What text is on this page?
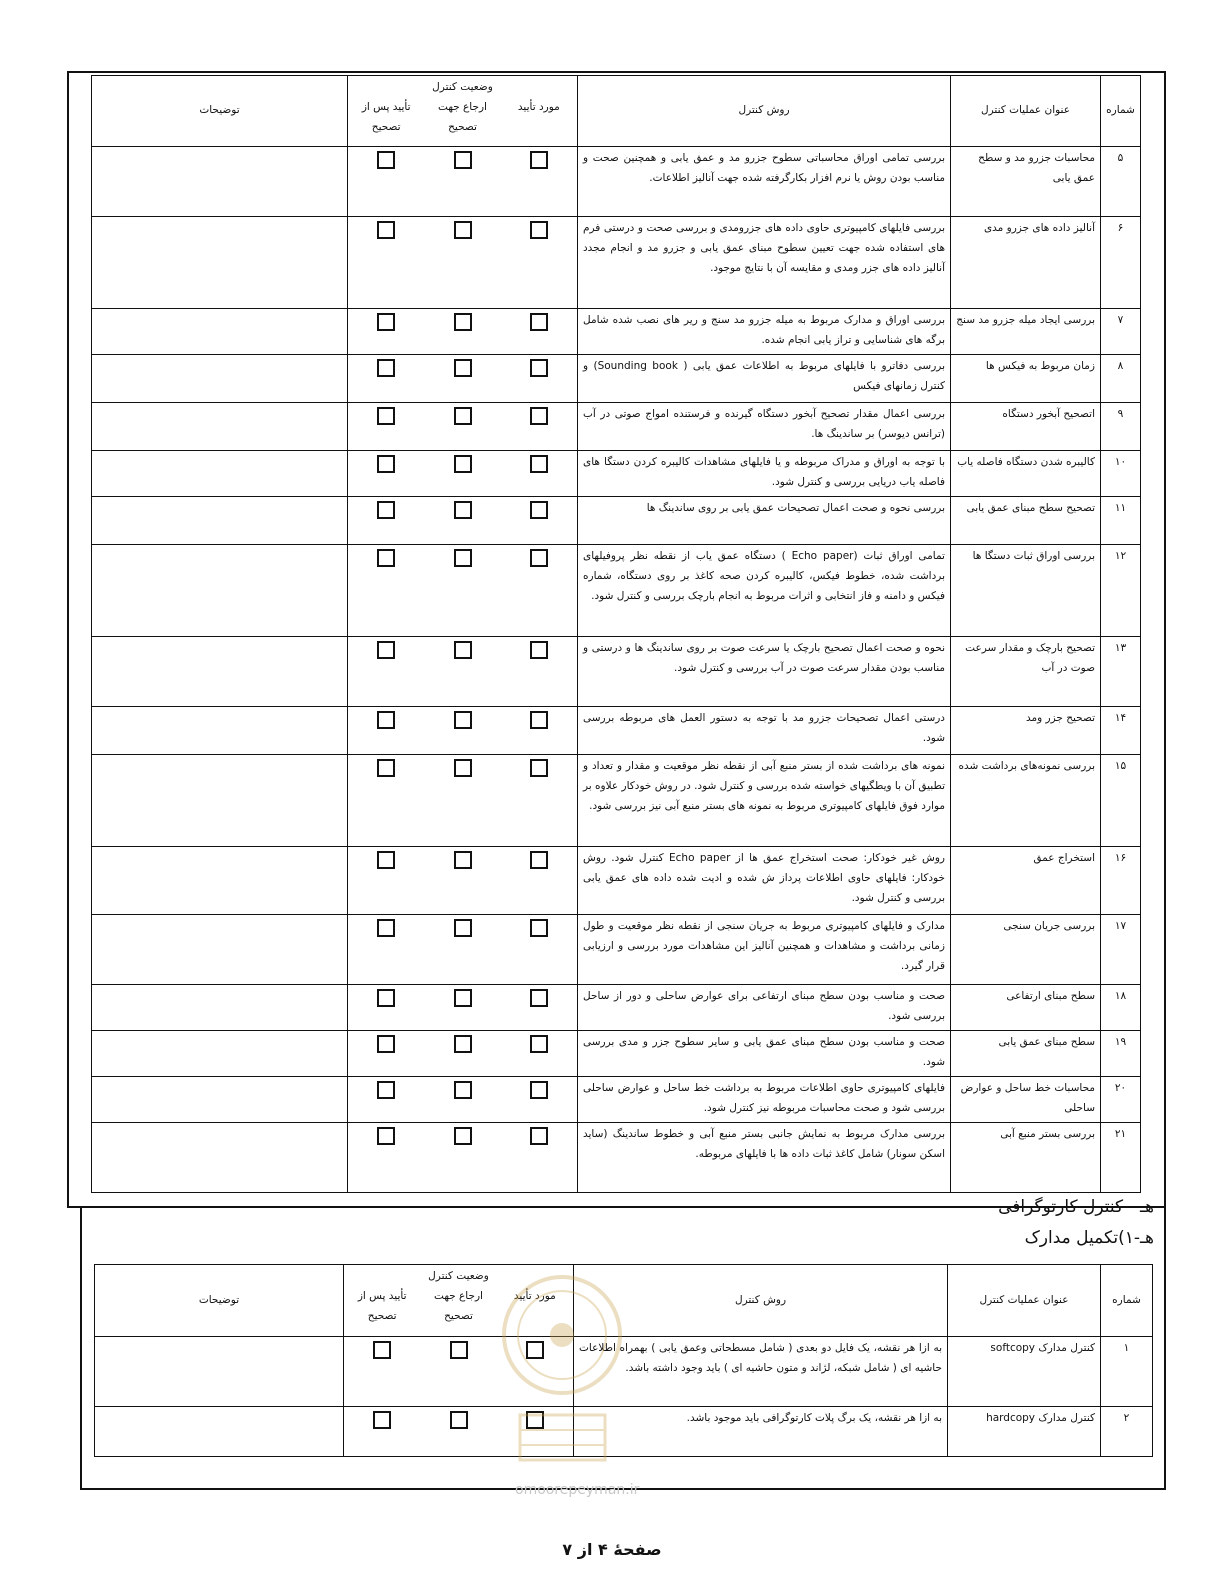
شماره	عنوان عملیات کنترل	روش کنترل	وضعیت کنترل
مورد تأیید
ارجاع جهت تصحیح
تأیید پس از تصحیح	توضیحات
۵	محاسبات جزرو مد و سطح عمق یابی	بررسی تمامی اوراق محاسباتی سطوح جزرو مد و عمق یابی و همچنین صحت و مناسب بودن روش یا نرم افزار بکارگرفته شده جهت آنالیز اطلاعات.	

۶	آنالیز داده های جزرو مدی	بررسی فایلهای کامپیوتری حاوی داده های جزرومدی و بررسی صحت و درستی فرم های استفاده شده جهت تعیین سطوح مبنای عمق یابی و جزرو مد و انجام مجدد آنالیز داده های جزر ومدی و مقایسه آن با نتایج موجود.	

۷	بررسی ایجاد میله جزرو مد سنج	بررسی اوراق و مدارک مربوط به میله جزرو مد سنج و ریر های نصب شده شامل برگه های شناسایی و تراز یابی انجام شده.	

۸	زمان مربوط به فیکس ها	بررسی دفاترو با فایلهای مربوط به اطلاعات عمق یابی ( Sounding book) و کنترل زمانهای فیکس	

۹	اتصحیح آبخور دستگاه	بررسی اعمال مقدار تصحیح آبخور دستگاه گیرنده و فرستنده امواج صوتی در آب (ترانس دیوسر) بر ساندینگ ها.	

۱۰	کالیبره شدن دستگاه فاصله یاب	با توجه به اوراق و مدراک مربوطه و یا فایلهای مشاهدات کالیبره کردن دستگا های فاصله یاب دریایی بررسی و کنترل شود.	

۱۱	تصحیح سطح مبنای عمق یابی	بررسی نحوه و صحت اعمال تصحیحات عمق یابی بر روی ساندینگ ها	

۱۲	بررسی اوراق ثبات دستگا ها	تمامی اوراق ثبات (Echo paper ) دستگاه عمق یاب از نقطه نظر پروفیلهای برداشت شده، خطوط فیکس، کالیبره کردن صحه کاغذ بر روی دستگاه، شماره فیکس و دامنه و فاز انتخابی و اثرات مربوط به انجام بارچک بررسی و کنترل شود.	

۱۳	تصحیح بارچک و مقدار سرعت صوت در آب	نحوه و صحت اعمال تصحیح بارچک یا سرعت صوت بر روی ساندینگ ها و درستی و مناسب بودن مقدار سرعت صوت در آب بررسی و کنترل شود.	

۱۴	تصحیح جزر ومد	درستی اعمال تصحیحات جزرو مد با توجه به دستور العمل های مربوطه بررسی شود.	

۱۵	بررسی نمونه‌های برداشت شده	نمونه های برداشت شده از بستر منبع آبی از نقطه نظر موقعیت و مقدار و تعداد و تطبیق آن با ویطگیهای خواسته شده بررسی و کنترل شود. در روش خودکار علاوه بر موارد فوق فایلهای کامپیوتری مربوط به نمونه های بستر منبع آبی نیز بررسی شود.	

۱۶	استخراج عمق	روش غیر خودکار: صحت استخراج عمق ها از Echo paper کنترل شود. روش خودکار: فایلهای حاوی اطلاعات پرداز ش شده و ادیت شده داده های عمق یابی بررسی و کنترل شود.	

۱۷	بررسی جریان سنجی	مدارک و فایلهای کامپیوتری مربوط به جریان سنجی از نقطه نظر موقعیت و طول زمانی برداشت و مشاهدات و همچنین آنالیز این مشاهدات مورد بررسی و ارزیابی قرار گیرد.	

۱۸	سطح مبنای ارتفاعی	صحت و مناسب بودن سطح مبنای ارتفاعی برای عوارض ساحلی و دور از ساحل بررسی شود.	

۱۹	سطح مبنای عمق یابی	صحت و مناسب بودن سطح مبنای عمق یابی و سایر سطوح جزر و مدی بررسی شود.	

۲۰	محاسبات خط ساحل و عوارض ساحلی	فایلهای کامپیوتری حاوی اطلاعات مربوط به برداشت خط ساحل و عوارض ساحلی بررسی شود و صحت محاسبات مربوطه نیز کنترل شود.	

۲۱	بررسی بستر منبع آبی	بررسی مدارک مربوط به نمایش جانبی بستر منبع آبی و خطوط ساندینگ (ساید اسکن سونار) شامل کاغذ ثبات داده ها با فایلهای مربوطه.	

هـ - کنترل کارتوگرافی
هـ-۱)تکمیل مدارک
شماره	عنوان عملیات کنترل	روش کنترل	وضعیت کنترل
مورد تأیید
ارجاع جهت تصحیح
تأیید پس از تصحیح	توضیحات
۱	کنترل مدارک softcopy	به ازا هر نقشه، یک فایل دو بعدی ( شامل مسطحاتی وعمق یابی ) بهمراه اطلاعات حاشیه ای ( شامل شبکه، لژاند و متون حاشیه ای ) باید وجود داشته باشد.	

۲	کنترل مدارک hardcopy	به ازا هر نقشه، یک برگ پلات کارتوگرافی باید موجود باشد.	

omoorepeyman.ir
صفحهٔ ۴ از ۷
